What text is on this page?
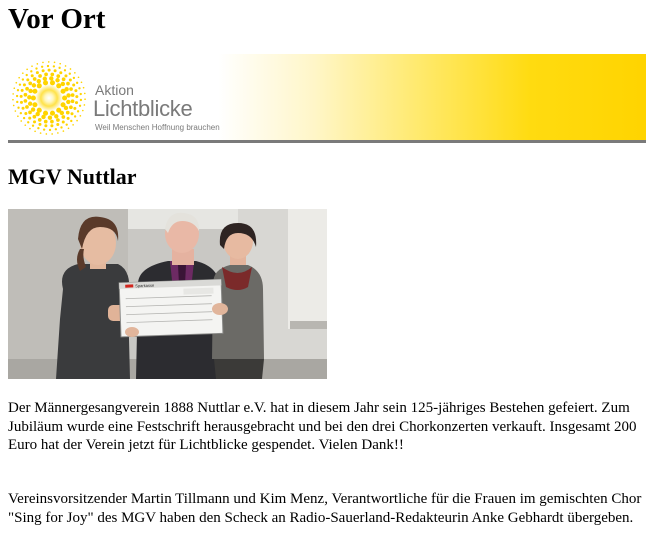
Vor Ort
Aktion
Lichtblicke
Weil Menschen Hoffnung brauchen
MGV Nuttlar
Sparkasse

Der Männergesangverein 1888 Nuttlar e.V. hat in diesem Jahr sein 125-jähriges Bestehen gefeiert. Zum Jubiläum wurde eine Festschrift herausgebracht und bei den drei Chorkonzerten verkauft. Insgesamt 200 Euro hat der Verein jetzt für Lichtblicke gespendet. Vielen Dank!!

Vereinsvorsitzender Martin Tillmann und Kim Menz, Verantwortliche für die Frauen im gemischten Chor "Sing for Joy" des MGV haben den Scheck an Radio-Sauerland-Redakteurin Anke Gebhardt übergeben.
